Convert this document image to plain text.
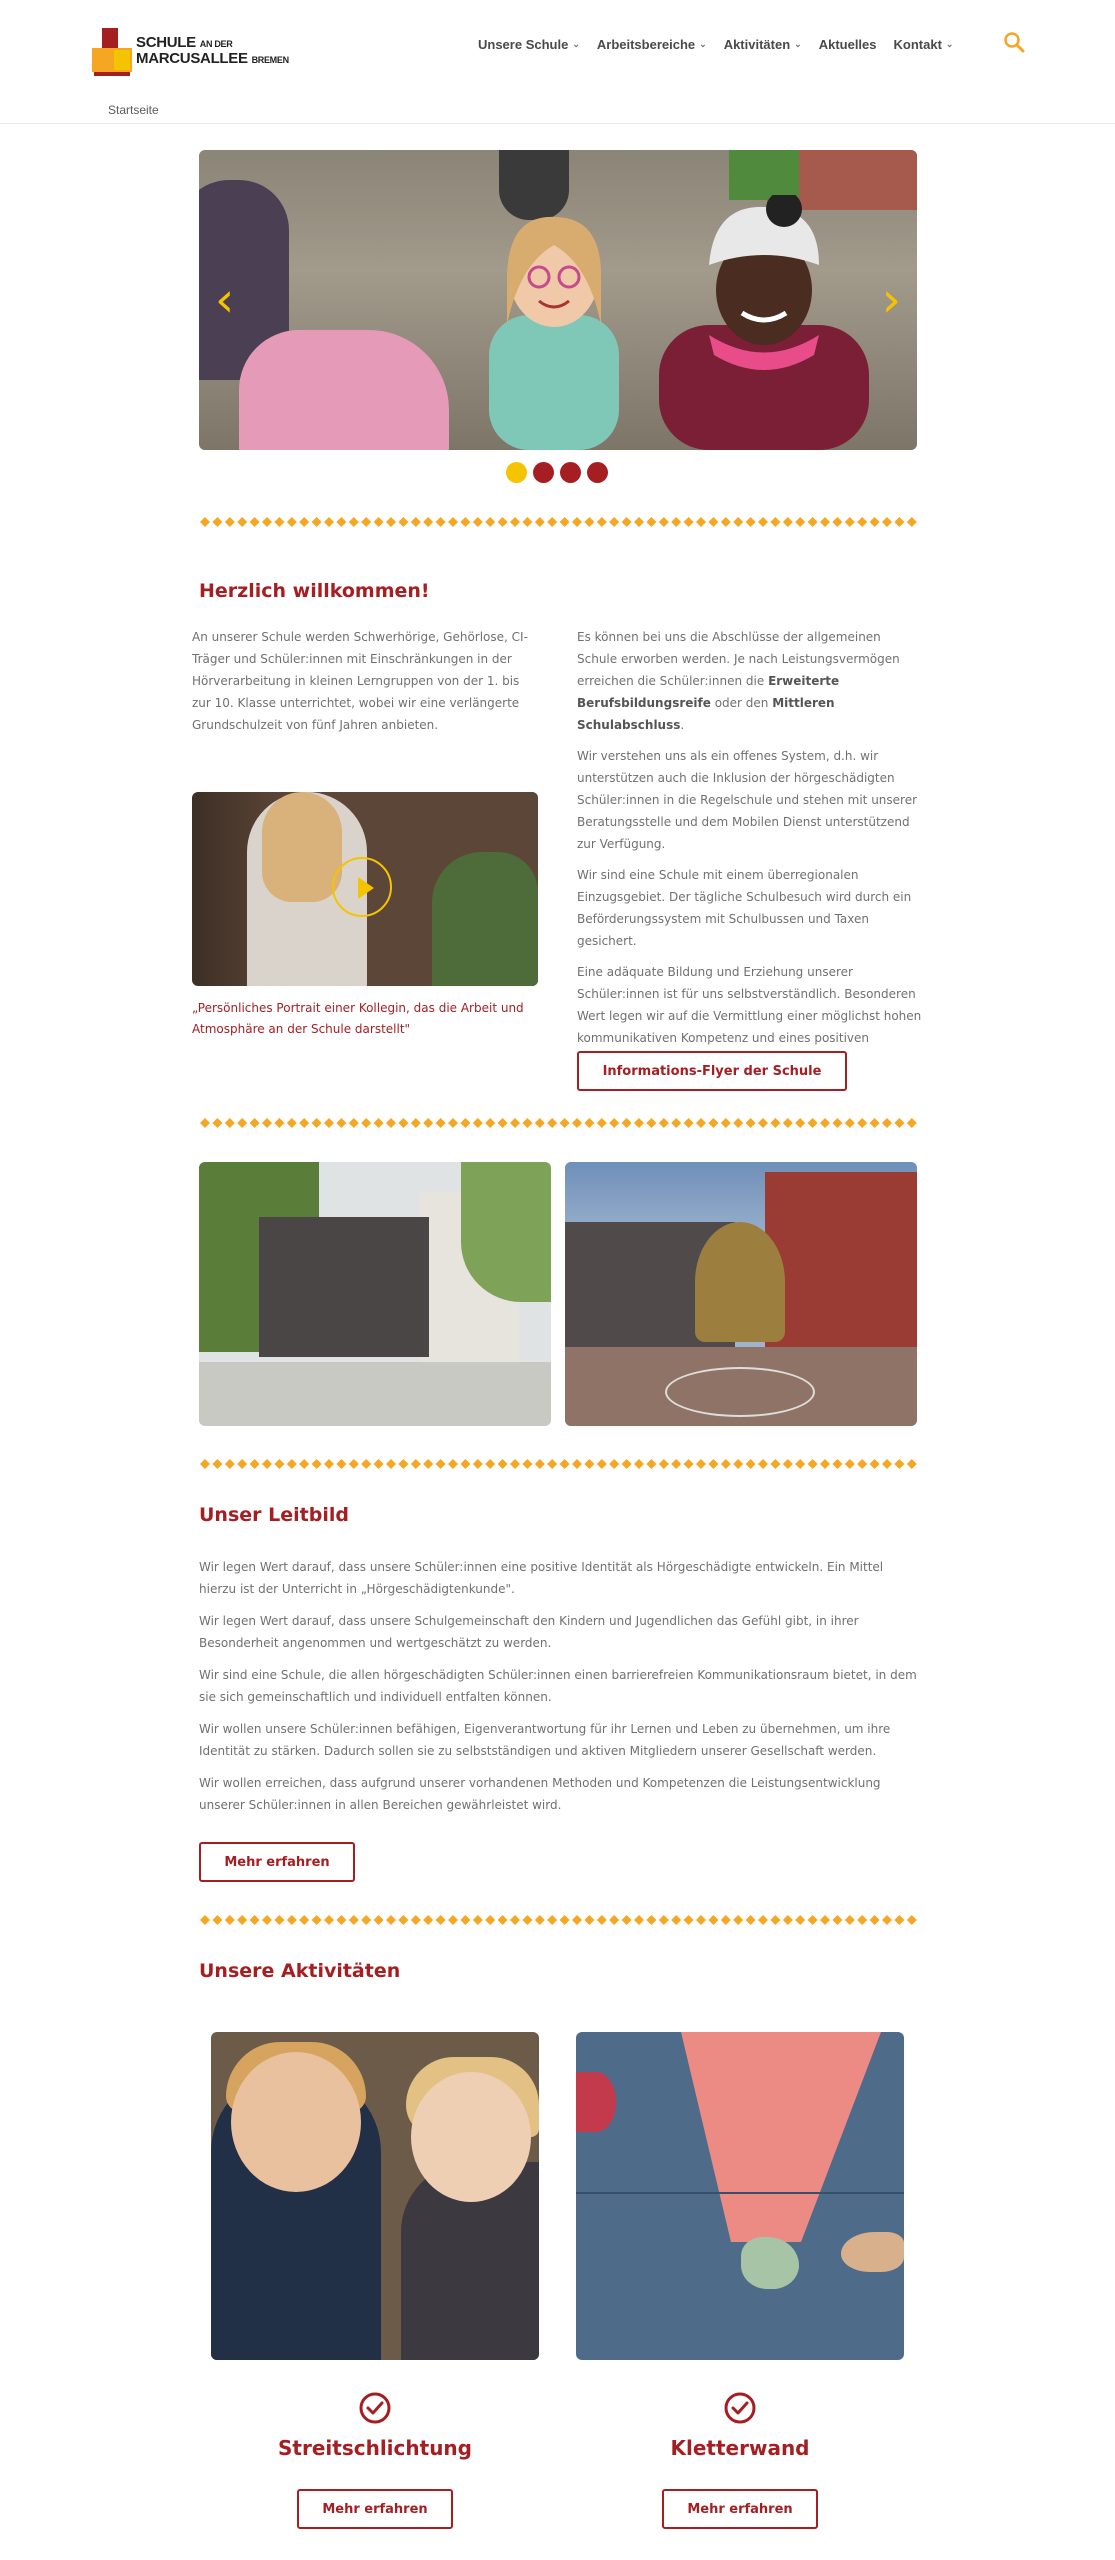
SCHULE AN DER
MARCUSALLEE BREMEN
Unsere Schule ⌄ Arbeitsbereiche ⌄ Aktivitäten ⌄ Aktuelles Kontakt ⌄
Startseite
‹	›
Herzlich willkommen!

An unserer Schule werden Schwerhörige, Gehörlose, CI-Träger und Schüler:innen mit Einschränkungen in der Hörverarbeitung in kleinen Lerngruppen von der 1. bis zur 10. Klasse unterrichtet, wobei wir eine verlängerte Grundschulzeit von fünf Jahren anbieten.

„Persönliches Portrait einer Kollegin, das die Arbeit und Atmosphäre an der Schule darstellt"

Es können bei uns die Abschlüsse der allgemeinen Schule erworben werden. Je nach Leistungsvermögen erreichen die Schüler:innen die Erweiterte Berufsbildungsreife oder den Mittleren Schulabschluss.

Wir verstehen uns als ein offenes System, d.h. wir unterstützen auch die Inklusion der hörgeschädigten Schüler:innen in die Regelschule und stehen mit unserer Beratungsstelle und dem Mobilen Dienst unterstützend zur Verfügung.

Wir sind eine Schule mit einem überregionalen Einzugsgebiet. Der tägliche Schulbesuch wird durch ein Beförderungssystem mit Schulbussen und Taxen gesichert.

Eine adäquate Bildung und Erziehung unserer Schüler:innen ist für uns selbstverständlich. Besonderen Wert legen wir auf die Vermittlung einer möglichst hohen kommunikativen Kompetenz und eines positiven

Informations-Flyer der Schule
Unser Leitbild

Wir legen Wert darauf, dass unsere Schüler:innen eine positive Identität als Hörgeschädigte entwickeln. Ein Mittel hierzu ist der Unterricht in „Hörgeschädigtenkunde".

Wir legen Wert darauf, dass unsere Schulgemeinschaft den Kindern und Jugendlichen das Gefühl gibt, in ihrer Besonderheit angenommen und wertgeschätzt zu werden.

Wir sind eine Schule, die allen hörgeschädigten Schüler:innen einen barrierefreien Kommunikationsraum bietet, in dem sie sich gemeinschaftlich und individuell entfalten können.

Wir wollen unsere Schüler:innen befähigen, Eigenverantwortung für ihr Lernen und Leben zu übernehmen, um ihre Identität zu stärken. Dadurch sollen sie zu selbstständigen und aktiven Mitgliedern unserer Gesellschaft werden.

Wir wollen erreichen, dass aufgrund unserer vorhandenen Methoden und Kompetenzen die Leistungsentwicklung unserer Schüler:innen in allen Bereichen gewährleistet wird.

Mehr erfahren
Unsere Aktivitäten
Streitschlichtung	Kletterwand
Mehr erfahren	Mehr erfahren
